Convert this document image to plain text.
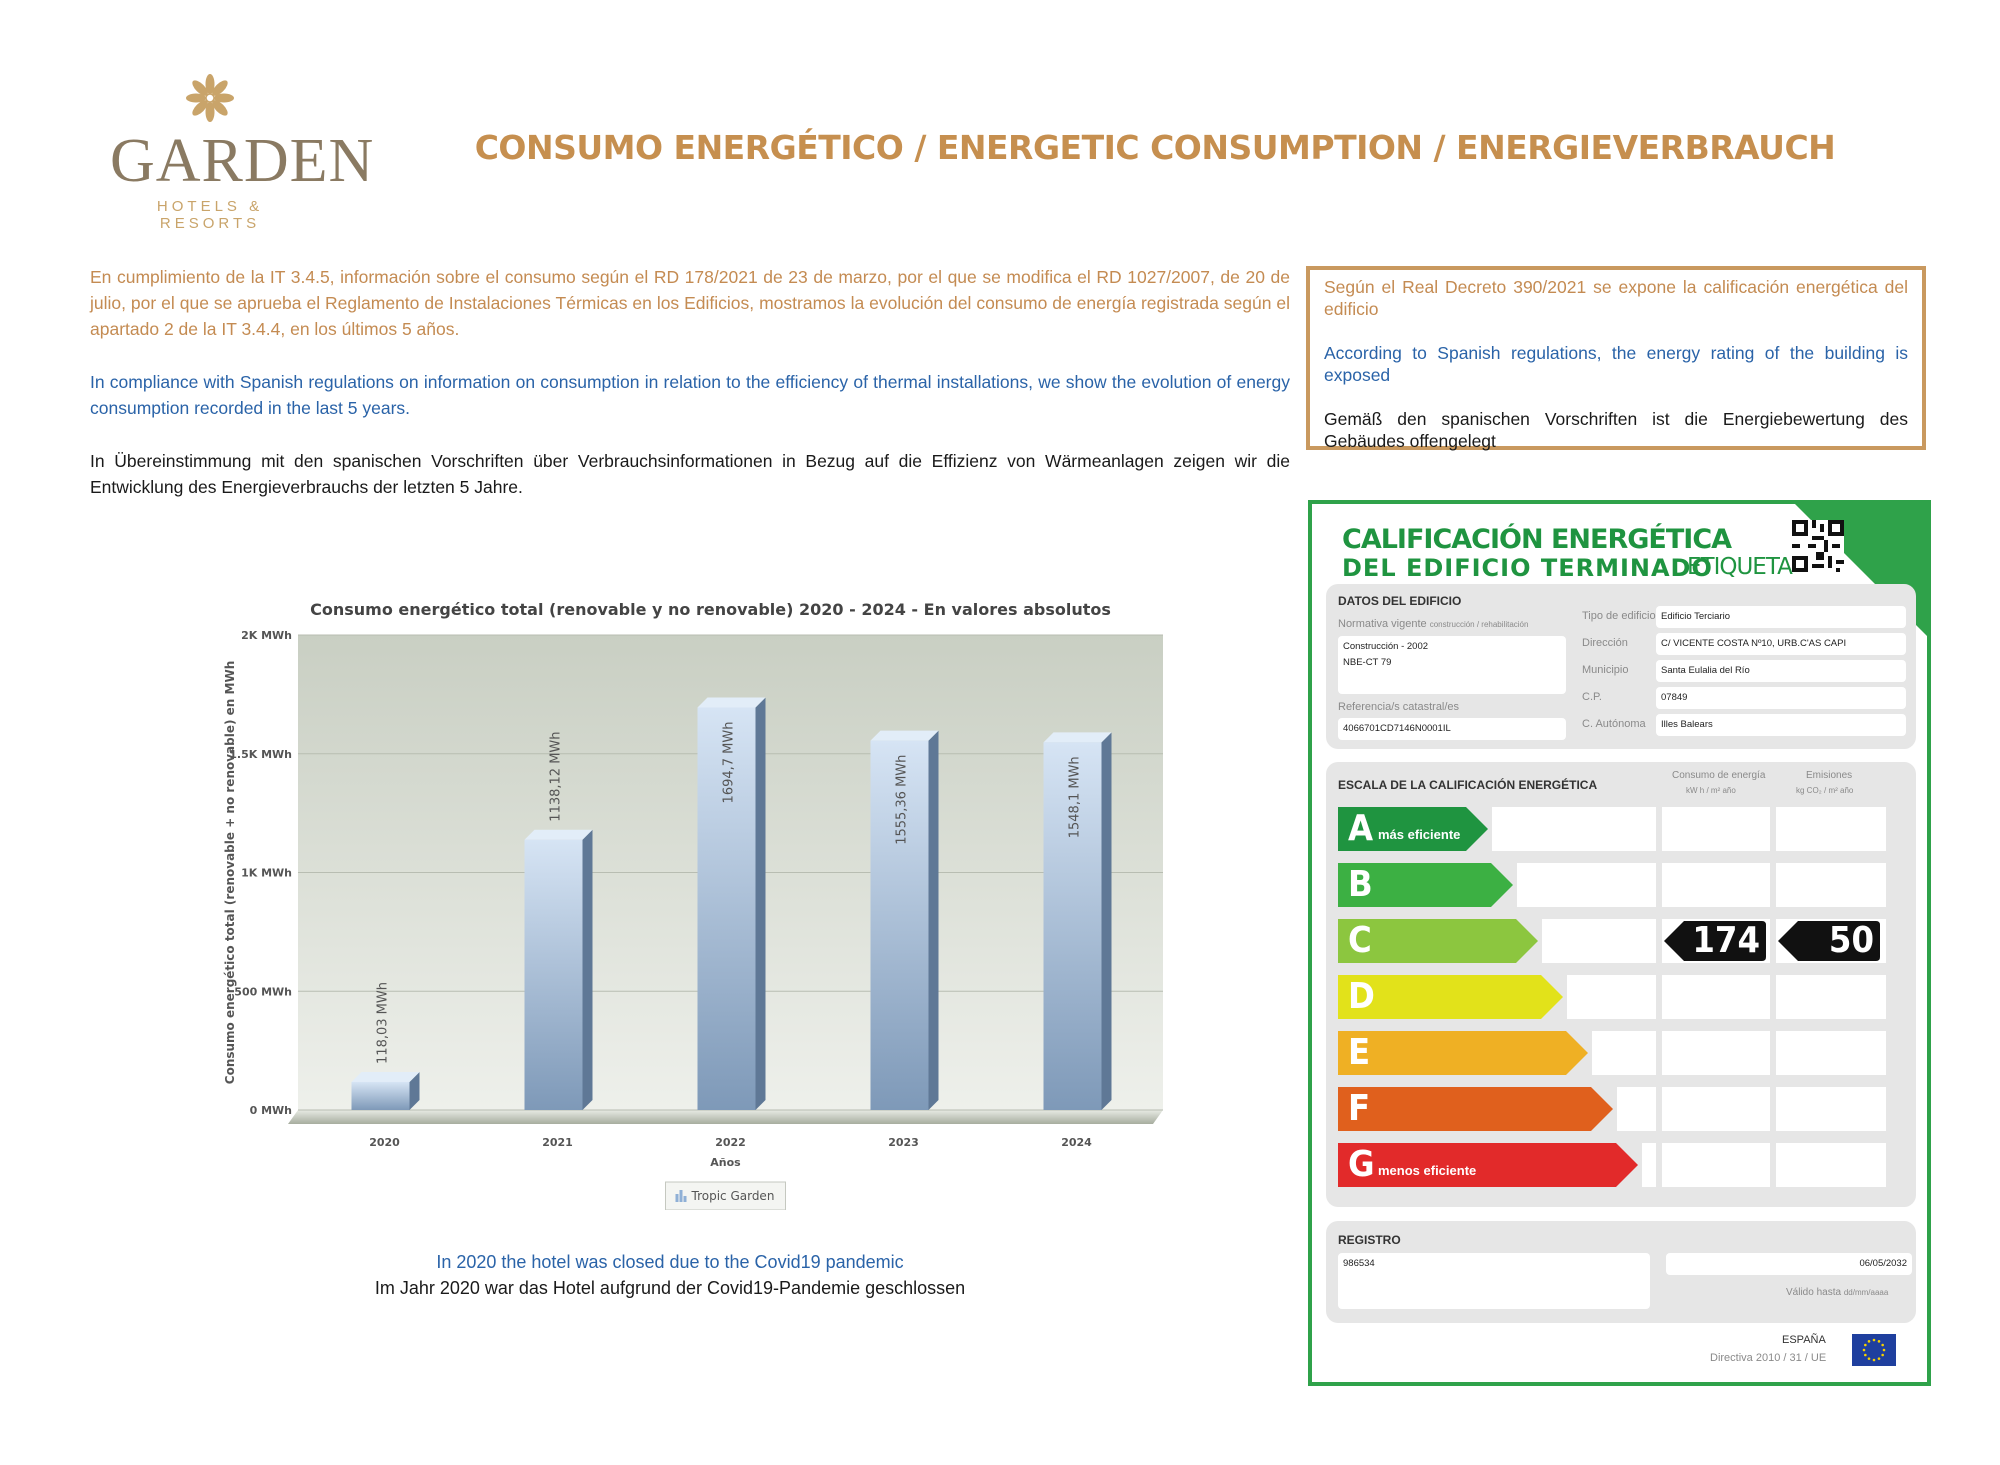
GARDEN
HOTELS & RESORTS
CONSUMO ENERGÉTICO / ENERGETIC CONSUMPTION / ENERGIEVERBRAUCH
En cumplimiento de la IT 3.4.5, información sobre el consumo según el RD 178/2021 de 23 de marzo, por el que se modifica el RD 1027/2007, de 20 de julio, por el que se aprueba el Reglamento de Instalaciones Térmicas en los Edificios, mostramos la evolución del consumo de energía registrada según el apartado 2 de la IT 3.4.4, en los últimos 5 años.
In compliance with Spanish regulations on information on consumption in relation to the efficiency of thermal installations, we show the evolution of energy consumption recorded in the last 5 years.
In Übereinstimmung mit den spanischen Vorschriften über Verbrauchsinformationen in Bezug auf die Effizienz von Wärmeanlagen zeigen wir die Entwicklung des Energieverbrauchs der letzten 5 Jahre.
Según el Real Decreto 390/2021 se expone la calificación energética del edificio
According to Spanish regulations, the energy rating of the building is exposed
Gemäß den spanischen Vorschriften ist die Energiebewertung des Gebäudes offengelegt
Consumo energético total (renovable y no renovable) 2020 - 2024 - En valores absolutos
0 MWh
500 MWh
1K MWh
1.5K MWh
2K MWh
Consumo energético total (renovable + no renovable) en MWh	118,03 MWh
2020
1138,12 MWh
2021
1694,7 MWh
2022
1555,36 MWh
2023
1548,1 MWh
2024
Años
Tropic Garden
In 2020 the hotel was closed due to the Covid19 pandemic
Im Jahr 2020 war das Hotel aufgrund der Covid19-Pandemie geschlossen
CALIFICACIÓN ENERGÉTICA
DEL EDIFICIO TERMINADO
ETIQUETA
DATOS DEL EDIFICIO
Normativa vigente construcción / rehabilitación
Construcción - 2002
NBE-CT 79
Referencia/s catastral/es
4066701CD7146N0001IL
Tipo de edificio Edificio Terciario
Dirección	C/ VICENTE COSTA Nº10, URB.C'AS CAPI
Municipio	Santa Eulalia del Río
C.P.	07849
C. Autónoma	Illes Balears
ESCALA DE LA CALIFICACIÓN ENERGÉTICA
Consumo de energía
kW h / m² año
Emisiones
kg CO₂ / m² año
A más eficiente
B
C	174 50
D
E
F
G menos eficiente
REGISTRO
986534	06/05/2032
Válido hasta dd/mm/aaaa
ESPAÑA
Directiva 2010 / 31 / UE
